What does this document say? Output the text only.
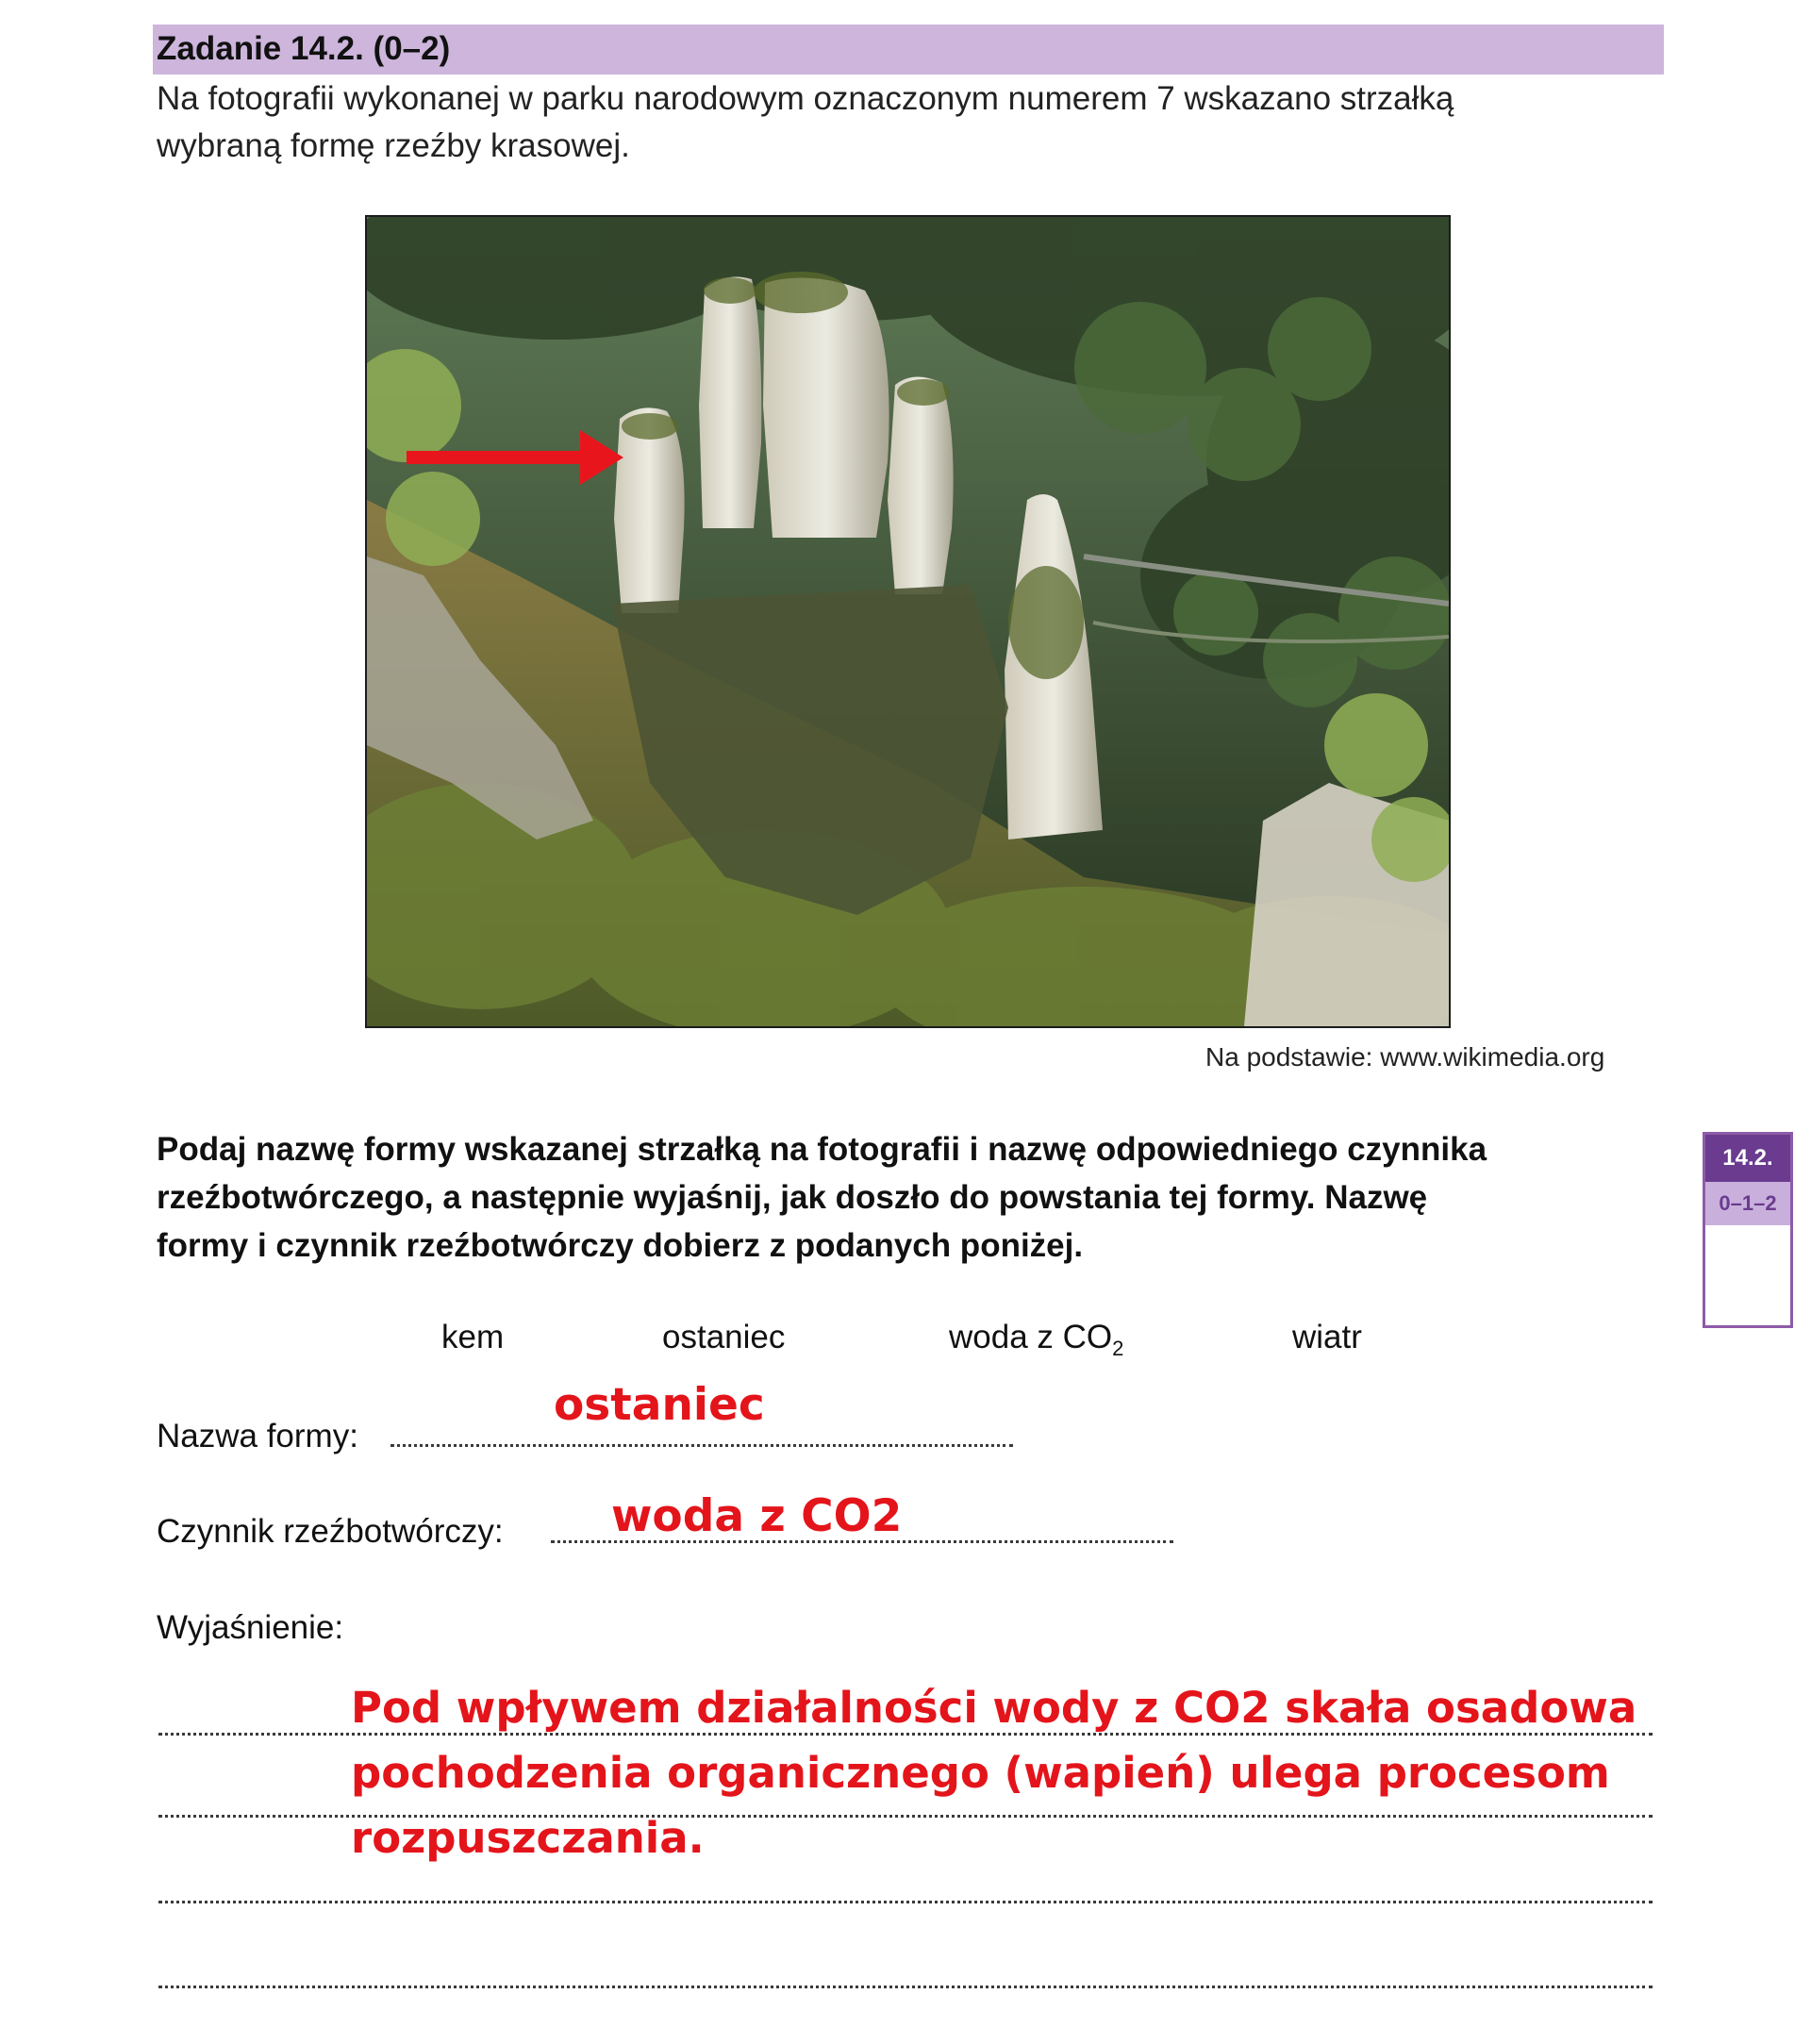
Zadanie 14.2. (0–2)
Na fotografii wykonanej w parku narodowym oznaczonym numerem 7 wskazano strzałką
wybraną formę rzeźby krasowej.
Na podstawie: www.wikimedia.org
Podaj nazwę formy wskazanej strzałką na fotografii i nazwę odpowiedniego czynnika
rzeźbotwórczego, a następnie wyjaśnij, jak doszło do powstania tej formy. Nazwę
formy i czynnik rzeźbotwórczy dobierz z podanych poniżej.
14.2.
0–1–2
kem	ostaniec	woda z $CO_2$	wiatr
Nazwa formy:
ostaniec
Czynnik rzeźbotwórczy: woda z CO2
Wyjaśnienie:
Pod wpływem działalności wody z CO2 skała osadowa
pochodzenia organicznego (wapień) ulega procesom
rozpuszczania.
